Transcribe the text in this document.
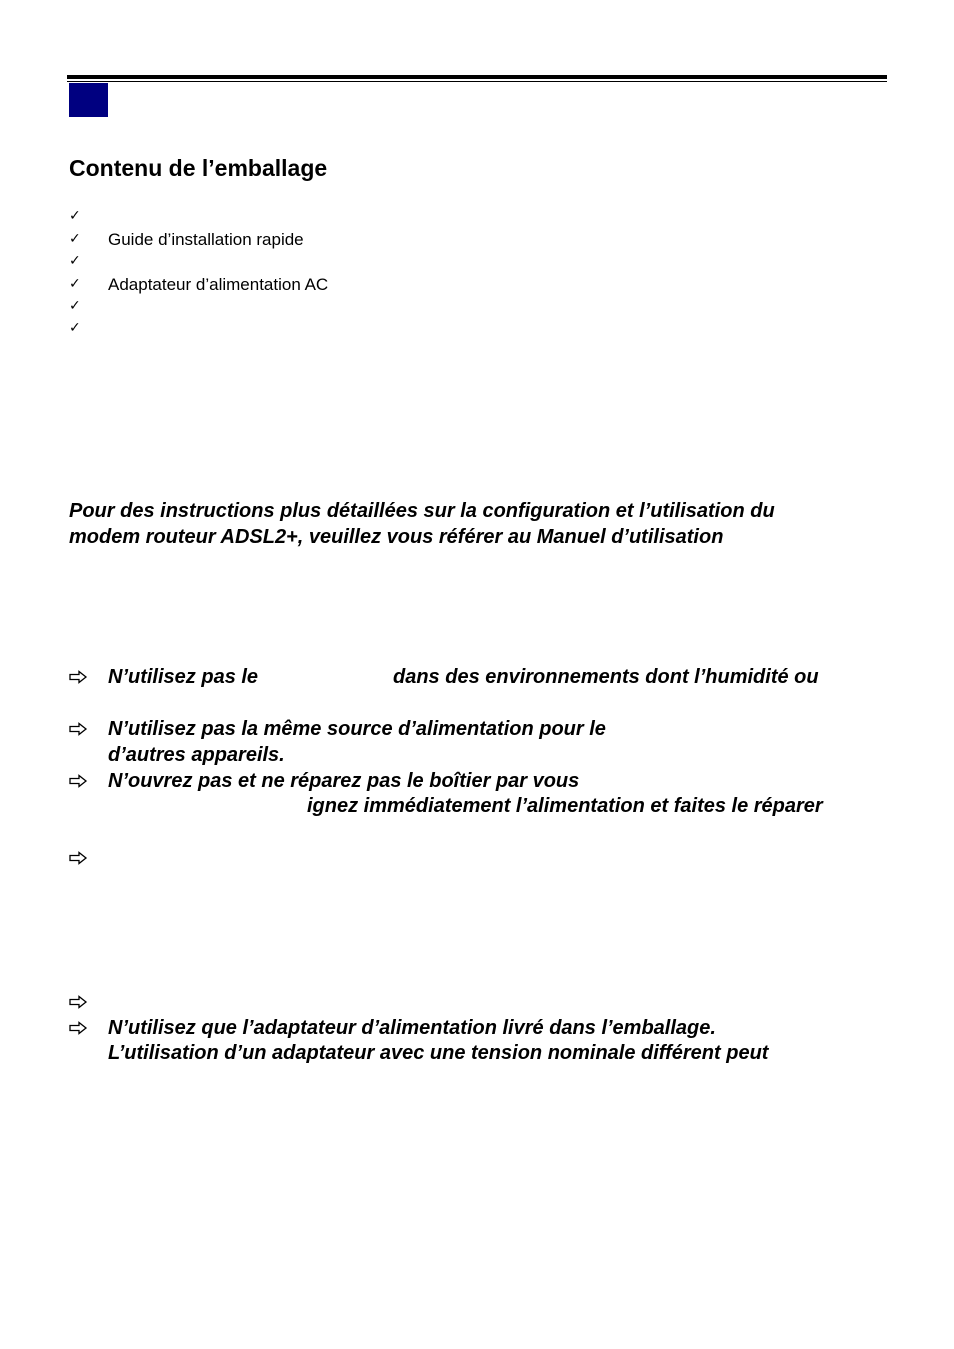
Contenu de l’emballage
✓
✓ Guide d’installation rapide
✓
✓ Adaptateur d’alimentation AC
✓
✓
Pour des instructions plus détaillées sur la configuration et l’utilisation du
modem routeur ADSL2+, veuillez vous référer au Manuel d’utilisation
N’utilisez pas le	dans des environnements dont l’humidité ou
N’utilisez pas la même source d’alimentation pour le
d’autres appareils.
N’ouvrez pas et ne réparez pas le boîtier par vous
ignez immédiatement l’alimentation et faites le réparer
N’utilisez que l’adaptateur d’alimentation livré dans l’emballage.
L’utilisation d’un adaptateur avec une tension nominale différent peut
